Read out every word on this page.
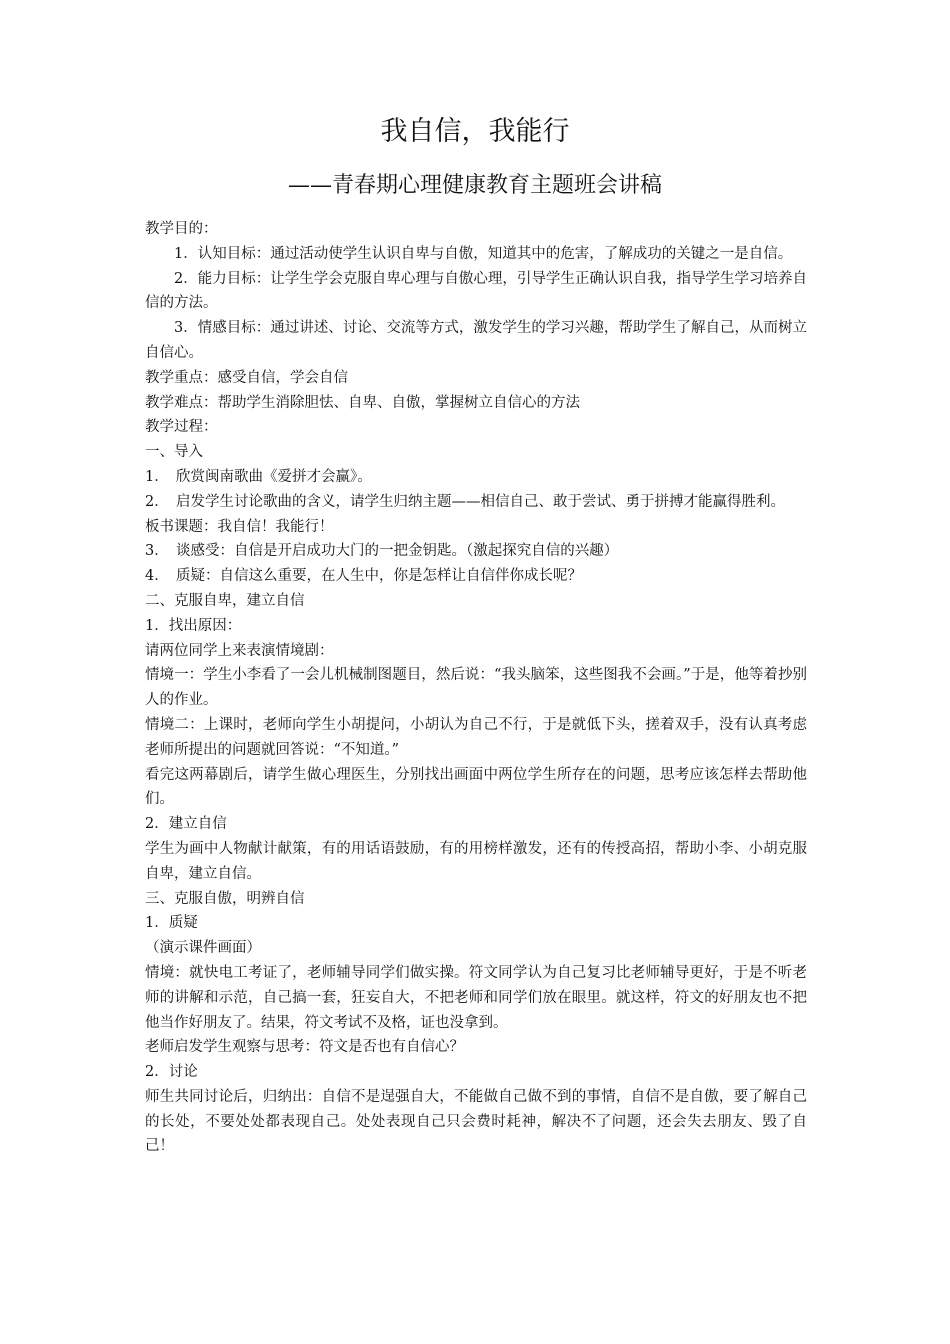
我自信，我能行
——青春期心理健康教育主题班会讲稿

教学目的：

1．认知目标：通过活动使学生认识自卑与自傲，知道其中的危害，了解成功的关键之一是自信。

2．能力目标：让学生学会克服自卑心理与自傲心理，引导学生正确认识自我，指导学生学习培养自信的方法。

3．情感目标：通过讲述、讨论、交流等方式，激发学生的学习兴趣，帮助学生了解自己，从而树立自信心。

教学重点：感受自信，学会自信

教学难点：帮助学生消除胆怯、自卑、自傲，掌握树立自信心的方法

教学过程：

一、导入

1．　欣赏闽南歌曲《爱拼才会赢》。

2．　启发学生讨论歌曲的含义，请学生归纳主题——相信自己、敢于尝试、勇于拼搏才能赢得胜利。

板书课题：我自信！我能行！

3．　谈感受：自信是开启成功大门的一把金钥匙。（激起探究自信的兴趣）

4．　质疑：自信这么重要，在人生中，你是怎样让自信伴你成长呢？

二、克服自卑，建立自信

1．找出原因：

请两位同学上来表演情境剧：

情境一：学生小李看了一会儿机械制图题目，然后说：“我头脑笨，这些图我不会画。”于是，他等着抄别人的作业。

情境二：上课时，老师向学生小胡提问，小胡认为自己不行，于是就低下头，搓着双手，没有认真考虑老师所提出的问题就回答说：“不知道。”

看完这两幕剧后，请学生做心理医生，分别找出画面中两位学生所存在的问题，思考应该怎样去帮助他们。

2．建立自信

学生为画中人物献计献策，有的用话语鼓励，有的用榜样激发，还有的传授高招，帮助小李、小胡克服自卑，建立自信。

三、克服自傲，明辨自信

1．质疑

（演示课件画面）

情境：就快电工考证了，老师辅导同学们做实操。符文同学认为自己复习比老师辅导更好，于是不听老师的讲解和示范，自己搞一套，狂妄自大，不把老师和同学们放在眼里。就这样，符文的好朋友也不把他当作好朋友了。结果，符文考试不及格，证也没拿到。

老师启发学生观察与思考：符文是否也有自信心？

2．讨论

师生共同讨论后，归纳出：自信不是逞强自大，不能做自己做不到的事情，自信不是自傲，要了解自己的长处，不要处处都表现自己。处处表现自己只会费时耗神，解决不了问题，还会失去朋友、毁了自己！
